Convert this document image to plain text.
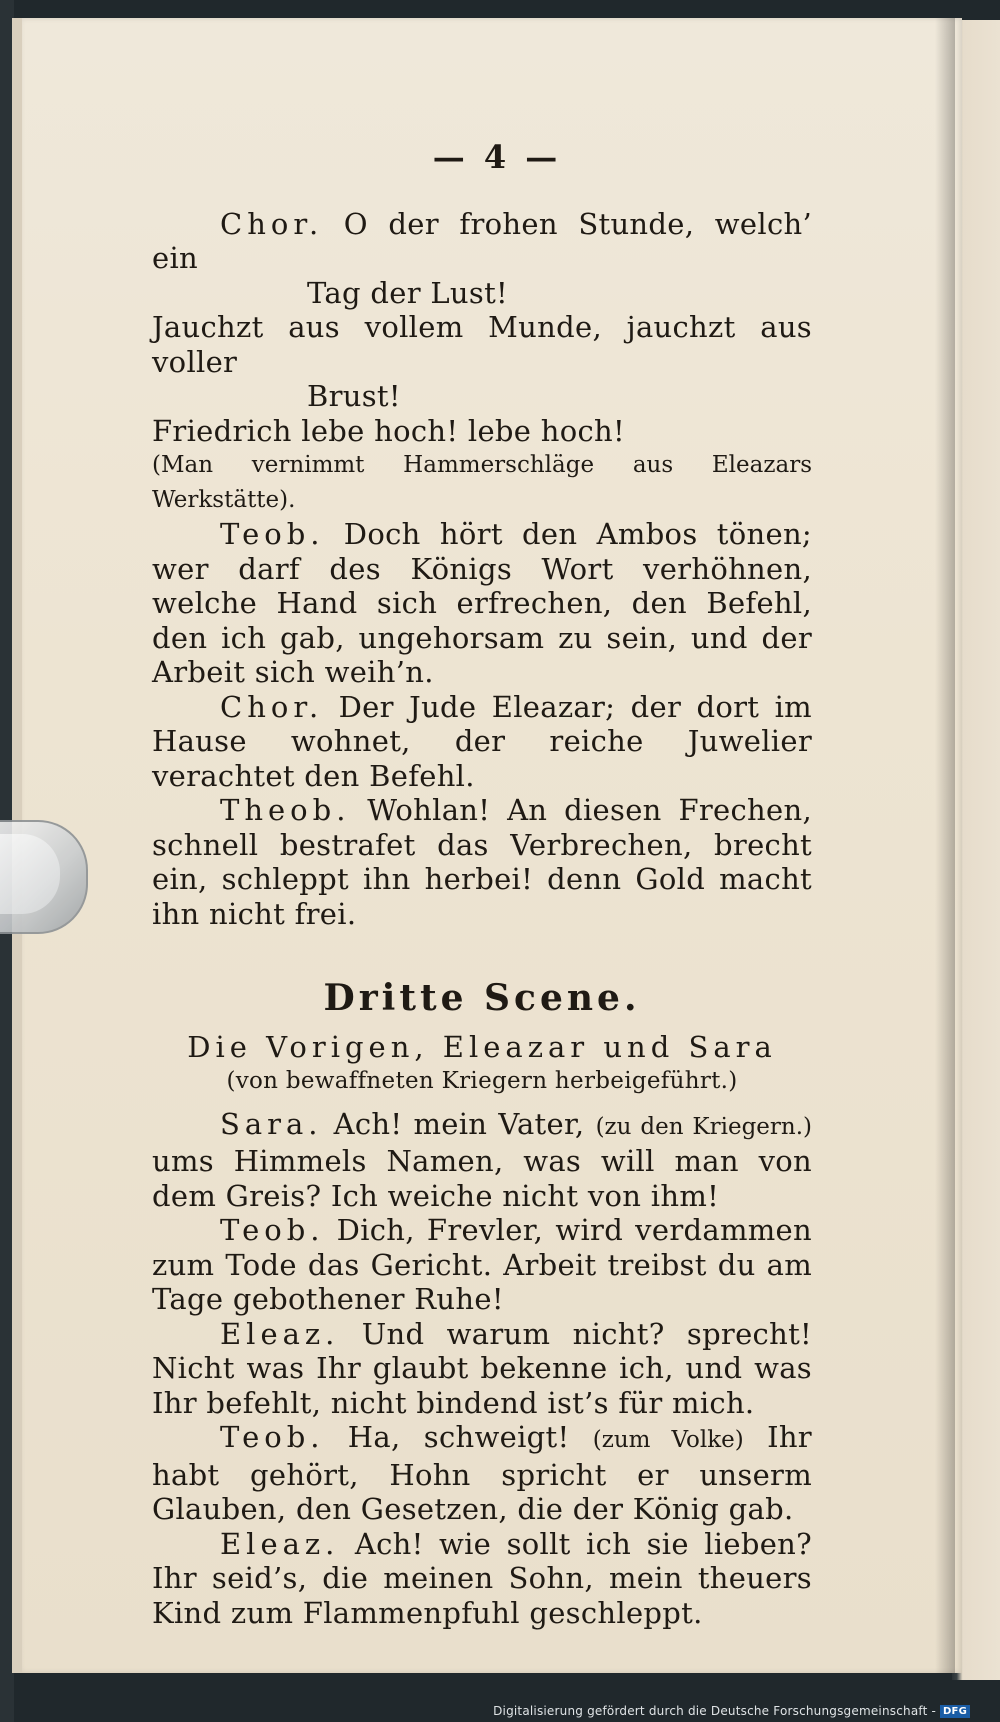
— 4 —

Chor. O der frohen Stunde, welch’ ein

Tag der Lust!

Jauchzt aus vollem Munde, jauchzt aus voller

Brust!

Friedrich lebe hoch! lebe hoch!

(Man vernimmt Hammerschläge aus Eleazars Werkstätte).

Teob. Doch hört den Ambos tönen; wer darf des Königs Wort verhöhnen, welche Hand sich erfrechen, den Befehl, den ich gab, ungehorsam zu sein, und der Arbeit sich weih’n.

Chor. Der Jude Eleazar; der dort im Hause wohnet, der reiche Juwelier verachtet den Befehl.

Theob. Wohlan! An diesen Frechen, schnell bestrafet das Verbrechen, brecht ein, schleppt ihn herbei! denn Gold macht ihn nicht frei.

Dritte Scene.

Die Vorigen, Eleazar und Sara

(von bewaffneten Kriegern herbeigeführt.)

Sara. Ach! mein Vater, (zu den Kriegern.) ums Himmels Namen, was will man von dem Greis? Ich weiche nicht von ihm!

Teob. Dich, Frevler, wird verdammen zum Tode das Gericht. Arbeit treibst du am Tage gebothener Ruhe!

Eleaz. Und warum nicht? sprecht! Nicht was Ihr glaubt bekenne ich, und was Ihr befehlt, nicht bindend ist’s für mich.

Teob. Ha, schweigt! (zum Volke) Ihr habt gehört, Hohn spricht er unserm Glauben, den Gesetzen, die der König gab.

Eleaz. Ach! wie sollt ich sie lieben? Ihr seid’s, die meinen Sohn, mein theuers Kind zum Flammenpfuhl geschleppt.

Digitalisierung gefördert durch die Deutsche Forschungsgemeinschaft - DFG
